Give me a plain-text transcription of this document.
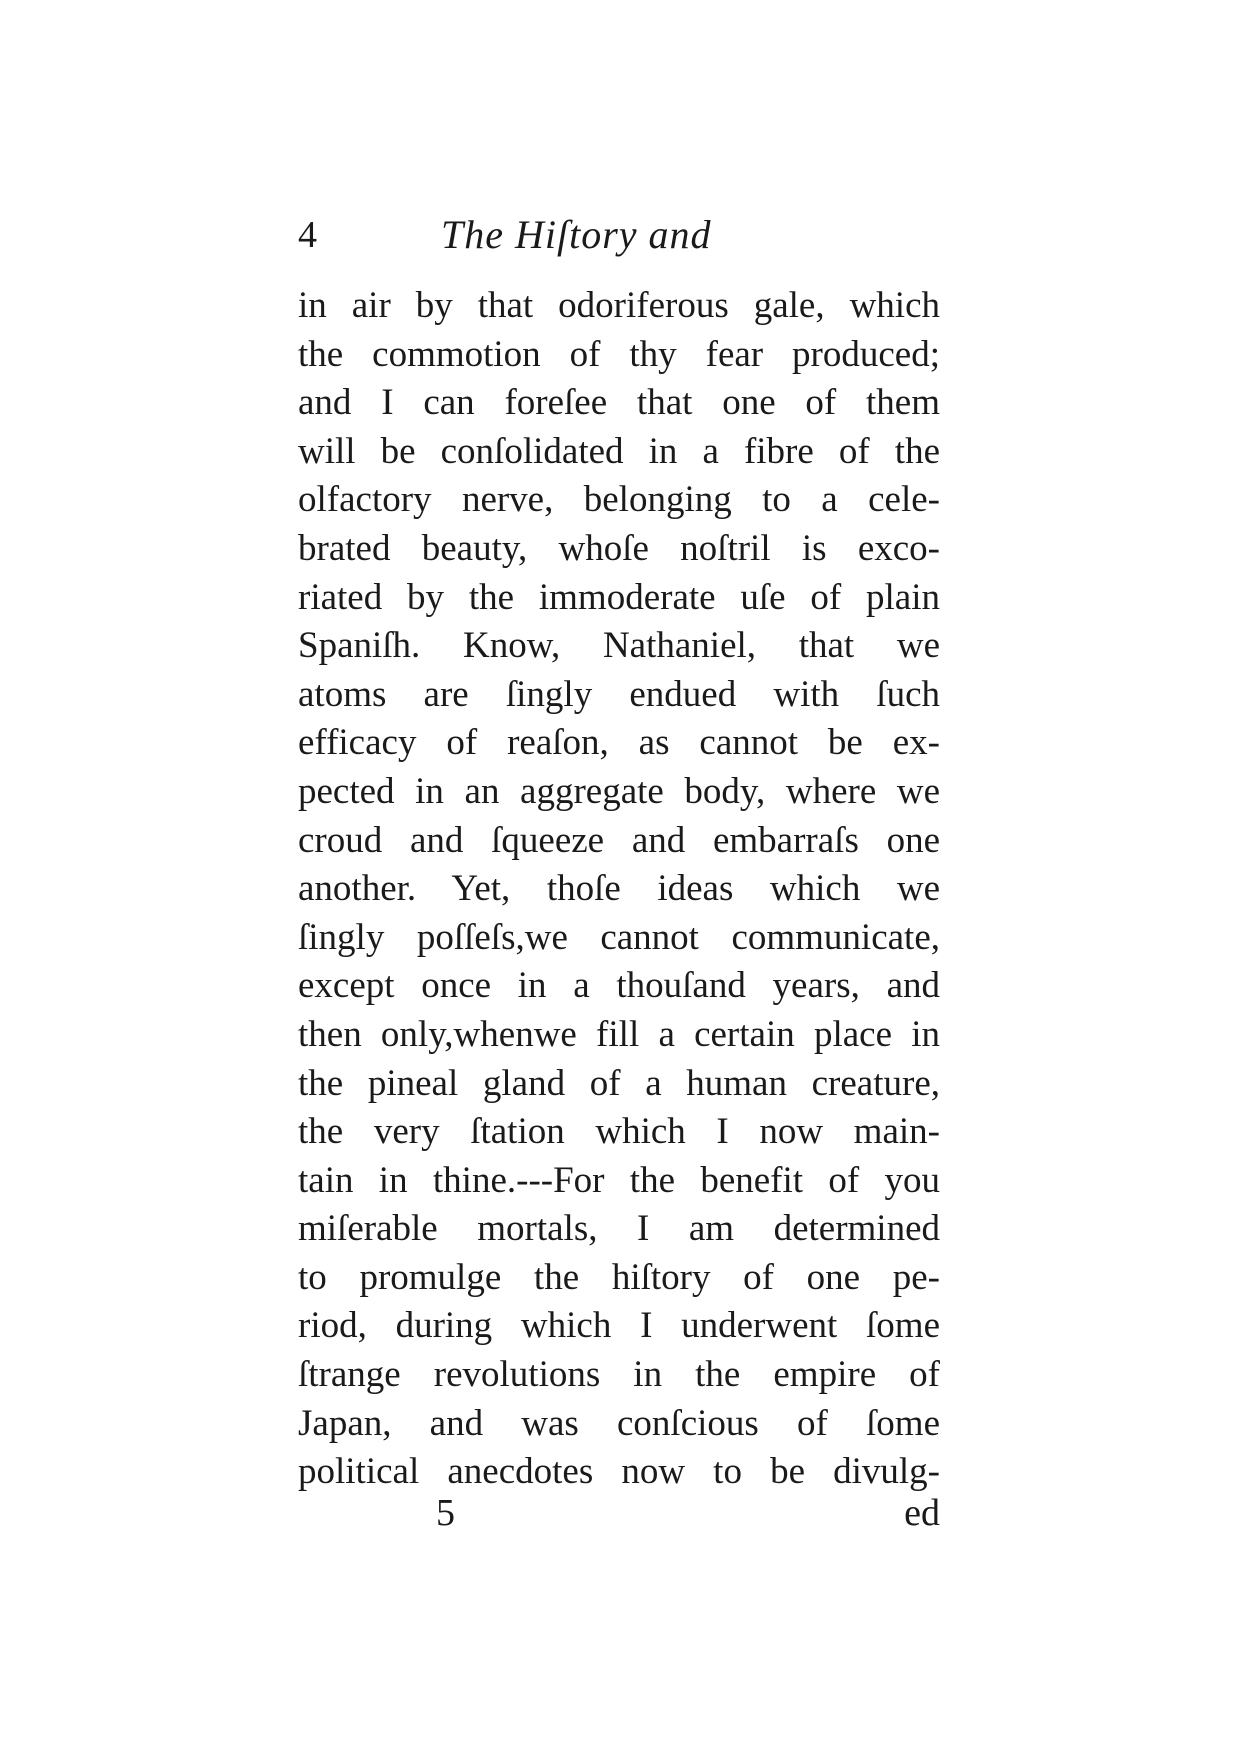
4	The Hiſtory and
in air by that odoriferous gale, which
the commotion of thy fear produced;
and I can foreſee that one of them
will be conſolidated in a fibre of the
olfactory nerve, belonging to a cele-
brated beauty, whoſe noſtril is exco-
riated by the immoderate uſe of plain
Spaniſh. Know, Nathaniel, that we
atoms are ſingly endued with ſuch
efficacy of reaſon, as cannot be ex-
pected in an aggregate body, where we
croud and ſqueeze and embarraſs one
another. Yet, thoſe ideas which we
ſingly poſſeſs,we cannot communicate,
except once in a thouſand years, and
then only,whenwe fill a certain place in
the pineal gland of a human creature,
the very ſtation which I now main-
tain in thine.---For the benefit of you
miſerable mortals, I am determined
to promulge the hiſtory of one pe-
riod, during which I underwent ſome
ſtrange revolutions in the empire of
Japan, and was conſcious of ſome
political anecdotes now to be divulg-
5	ed
